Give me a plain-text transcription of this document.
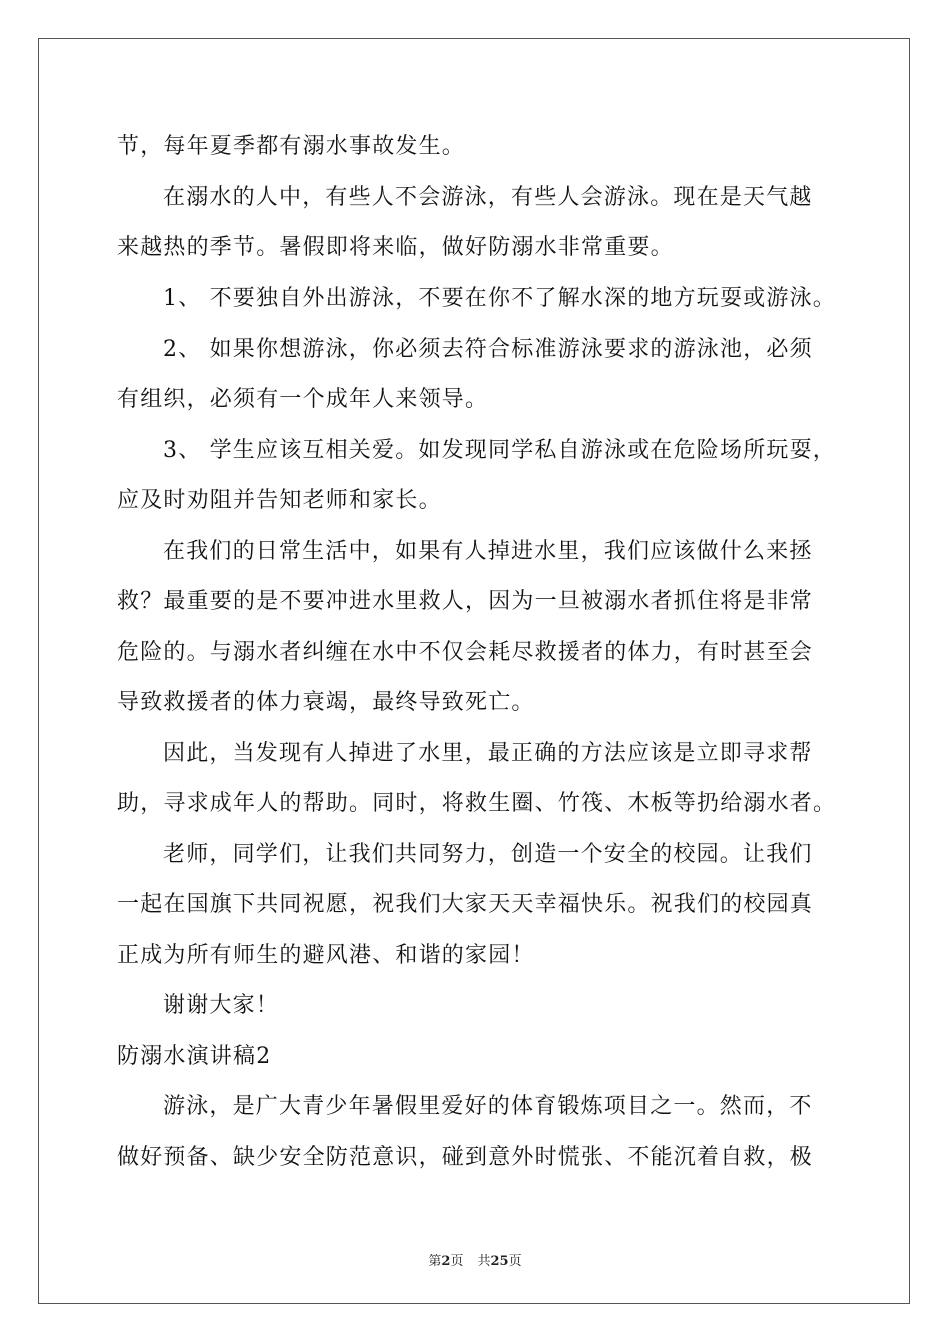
节，每年夏季都有溺水事故发生。
在溺水的人中，有些人不会游泳，有些人会游泳。现在是天气越
来越热的季节。暑假即将来临，做好防溺水非常重要。
1、 不要独自外出游泳，不要在你不了解水深的地方玩耍或游泳。
2、 如果你想游泳，你必须去符合标准游泳要求的游泳池，必须
有组织，必须有一个成年人来领导。
3、 学生应该互相关爱。如发现同学私自游泳或在危险场所玩耍，
应及时劝阻并告知老师和家长。
在我们的日常生活中，如果有人掉进水里，我们应该做什么来拯
救？最重要的是不要冲进水里救人，因为一旦被溺水者抓住将是非常
危险的。与溺水者纠缠在水中不仅会耗尽救援者的体力，有时甚至会
导致救援者的体力衰竭，最终导致死亡。
因此，当发现有人掉进了水里，最正确的方法应该是立即寻求帮
助，寻求成年人的帮助。同时，将救生圈、竹筏、木板等扔给溺水者。
老师，同学们，让我们共同努力，创造一个安全的校园。让我们
一起在国旗下共同祝愿，祝我们大家天天幸福快乐。祝我们的校园真
正成为所有师生的避风港、和谐的家园！
谢谢大家！
防溺水演讲稿2
游泳，是广大青少年暑假里爱好的体育锻炼项目之一。然而，不
做好预备、缺少安全防范意识，碰到意外时慌张、不能沉着自救，极
第2页 共25页
